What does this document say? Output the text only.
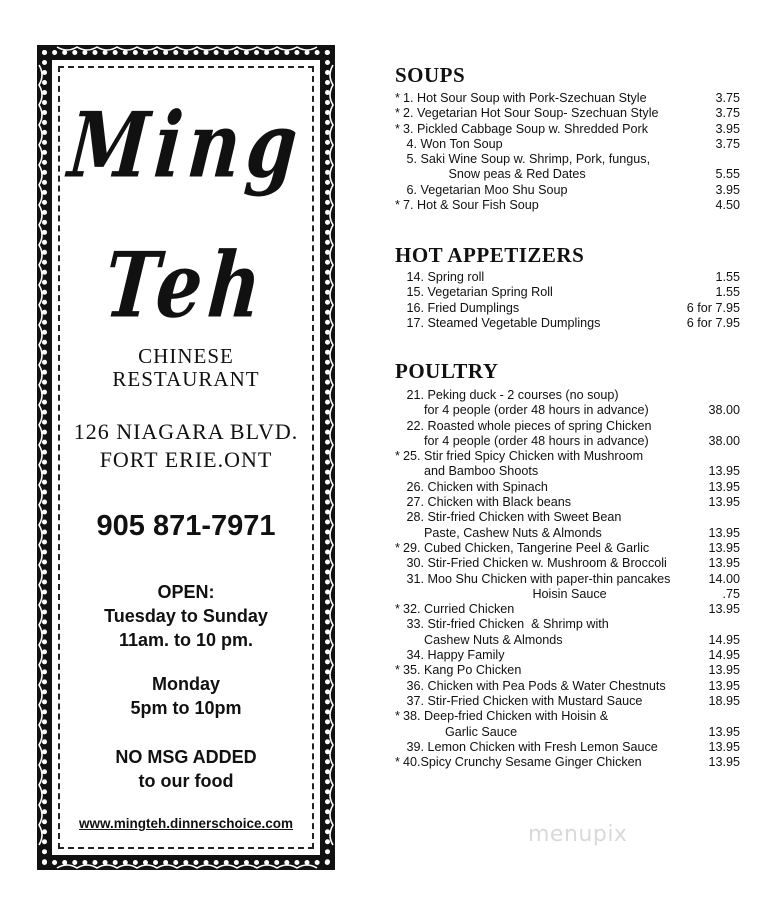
Ming
Teh
CHINESE
RESTAURANT
126 NIAGARA BLVD.
FORT ERIE.ONT
905 871-7971
OPEN:
Tuesday to Sunday
11am. to 10 pm.
Monday
5pm to 10pm
NO MSG ADDED
to our food
www.mingteh.dinnerschoice.com
SOUPS
* 1. Hot Sour Soup with Pork-Szechuan Style	3.75
* 2. Vegetarian Hot Sour Soup- Szechuan Style	3.75
* 3. Pickled Cabbage Soup w. Shredded Pork	3.95
4. Won Ton Soup	3.75
5. Saki Wine Soup w. Shrimp, Pork, fungus,
Snow peas & Red Dates	5.55
6. Vegetarian Moo Shu Soup	3.95
* 7. Hot & Sour Fish Soup	4.50
HOT APPETIZERS
14. Spring roll	1.55
15. Vegetarian Spring Roll	1.55
16. Fried Dumplings	6 for 7.95
17. Steamed Vegetable Dumplings	6 for 7.95
POULTRY
21. Peking duck - 2 courses (no soup)
for 4 people (order 48 hours in advance)	38.00
22. Roasted whole pieces of spring Chicken
for 4 people (order 48 hours in advance)	38.00
* 25. Stir fried Spicy Chicken with Mushroom
and Bamboo Shoots	13.95
26. Chicken with Spinach	13.95
27. Chicken with Black beans	13.95
28. Stir-fried Chicken with Sweet Bean
Paste, Cashew Nuts & Almonds	13.95
* 29. Cubed Chicken, Tangerine Peel & Garlic	13.95
30. Stir-Fried Chicken w. Mushroom & Broccoli	13.95
31. Moo Shu Chicken with paper-thin pancakes	14.00
Hoisin Sauce	.75
* 32. Curried Chicken	13.95
33. Stir-fried Chicken  & Shrimp with
Cashew Nuts & Almonds	14.95
34. Happy Family	14.95
* 35. Kang Po Chicken	13.95
36. Chicken with Pea Pods & Water Chestnuts	13.95
37. Stir-Fried Chicken with Mustard Sauce	18.95
* 38. Deep-fried Chicken with Hoisin &
Garlic Sauce	13.95
39. Lemon Chicken with Fresh Lemon Sauce	13.95
* 40.Spicy Crunchy Sesame Ginger Chicken	13.95
menupix
